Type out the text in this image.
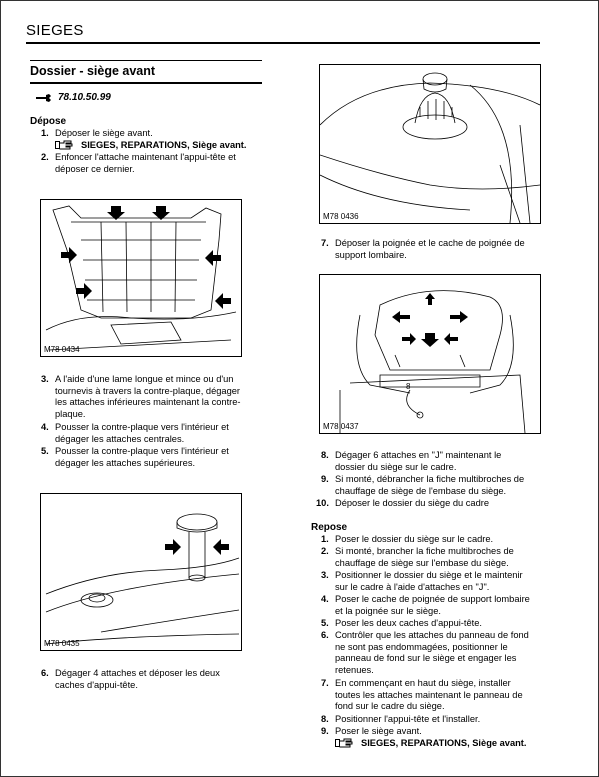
SIEGES
Dossier - siège avant
78.10.50.99
Dépose
1. Déposer le siège avant.
SIEGES, REPARATIONS, Siège avant.
2. Enfoncer l'attache maintenant l'appui-tête et
déposer ce dernier.
M78 0434
3. A l'aide d'une lame longue et mince ou d'un
tournevis à travers la contre-plaque, dégager
les attaches inférieures maintenant la contre-
plaque.
4. Pousser la contre-plaque vers l'intérieur et
dégager les attaches centrales.
5. Pousser la contre-plaque vers l'intérieur et
dégager les attaches supérieures.
M78 0435
6. Dégager 4 attaches et déposer les deux
caches d'appui-tête.
M78 0436
7. Déposer la poignée et le cache de poignée de
support lombaire.
8
M78 0437
8. Dégager 6 attaches en "J" maintenant le
dossier du siège sur le cadre.
9. Si monté, débrancher la fiche multibroches de
chauffage de siège de l'embase du siège.
10. Déposer le dossier du siège du cadre
Repose
1. Poser le dossier du siège sur le cadre.
2. Si monté, brancher la fiche multibroches de
chauffage de siège sur l'embase du siège.
3. Positionner le dossier du siège et le maintenir
sur le cadre à l'aide d'attaches en "J".
4. Poser le cache de poignée de support lombaire
et la poignée sur le siège.
5. Poser les deux caches d'appui-tête.
6. Contrôler que les attaches du panneau de fond
ne sont pas endommagées, positionner le
panneau de fond sur le siège et engager les
retenues.
7. En commençant en haut du siège, installer
toutes les attaches maintenant le panneau de
fond sur le cadre du siège.
8. Positionner l'appui-tête et l'installer.
9. Poser le siège avant.
SIEGES, REPARATIONS, Siège avant.
